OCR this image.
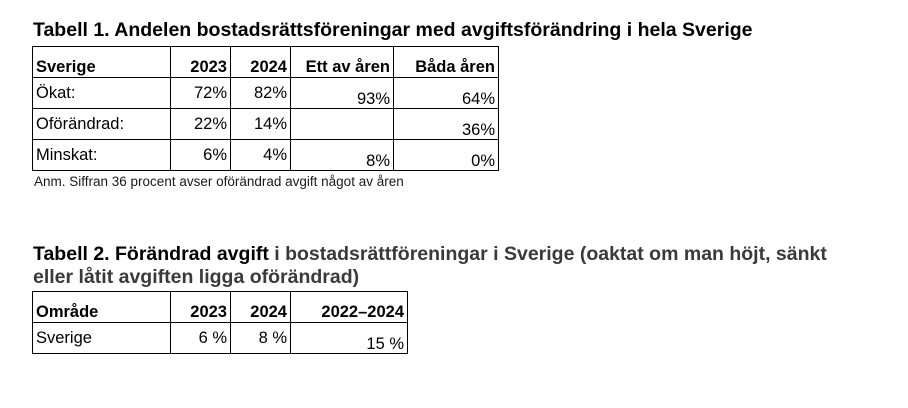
Tabell 1. Andelen bostadsrättsföreningar med avgiftsförändring i hela Sverige
Sverige	2023	2024	Ett av åren	Båda åren
Ökat:	72%	82%	93%	64%
Oförändrad:	22%	14%		36%
Minskat:	6%	4%	8%	0%
Anm. Siffran 36 procent avser oförändrad avgift något av åren
Tabell 2. Förändrad avgift i bostadsrättföreningar i Sverige (oaktat om man höjt, sänkt
eller låtit avgiften ligga oförändrad)
Område	2023	2024	2022–2024
Sverige	6 %	8 %	15 %
